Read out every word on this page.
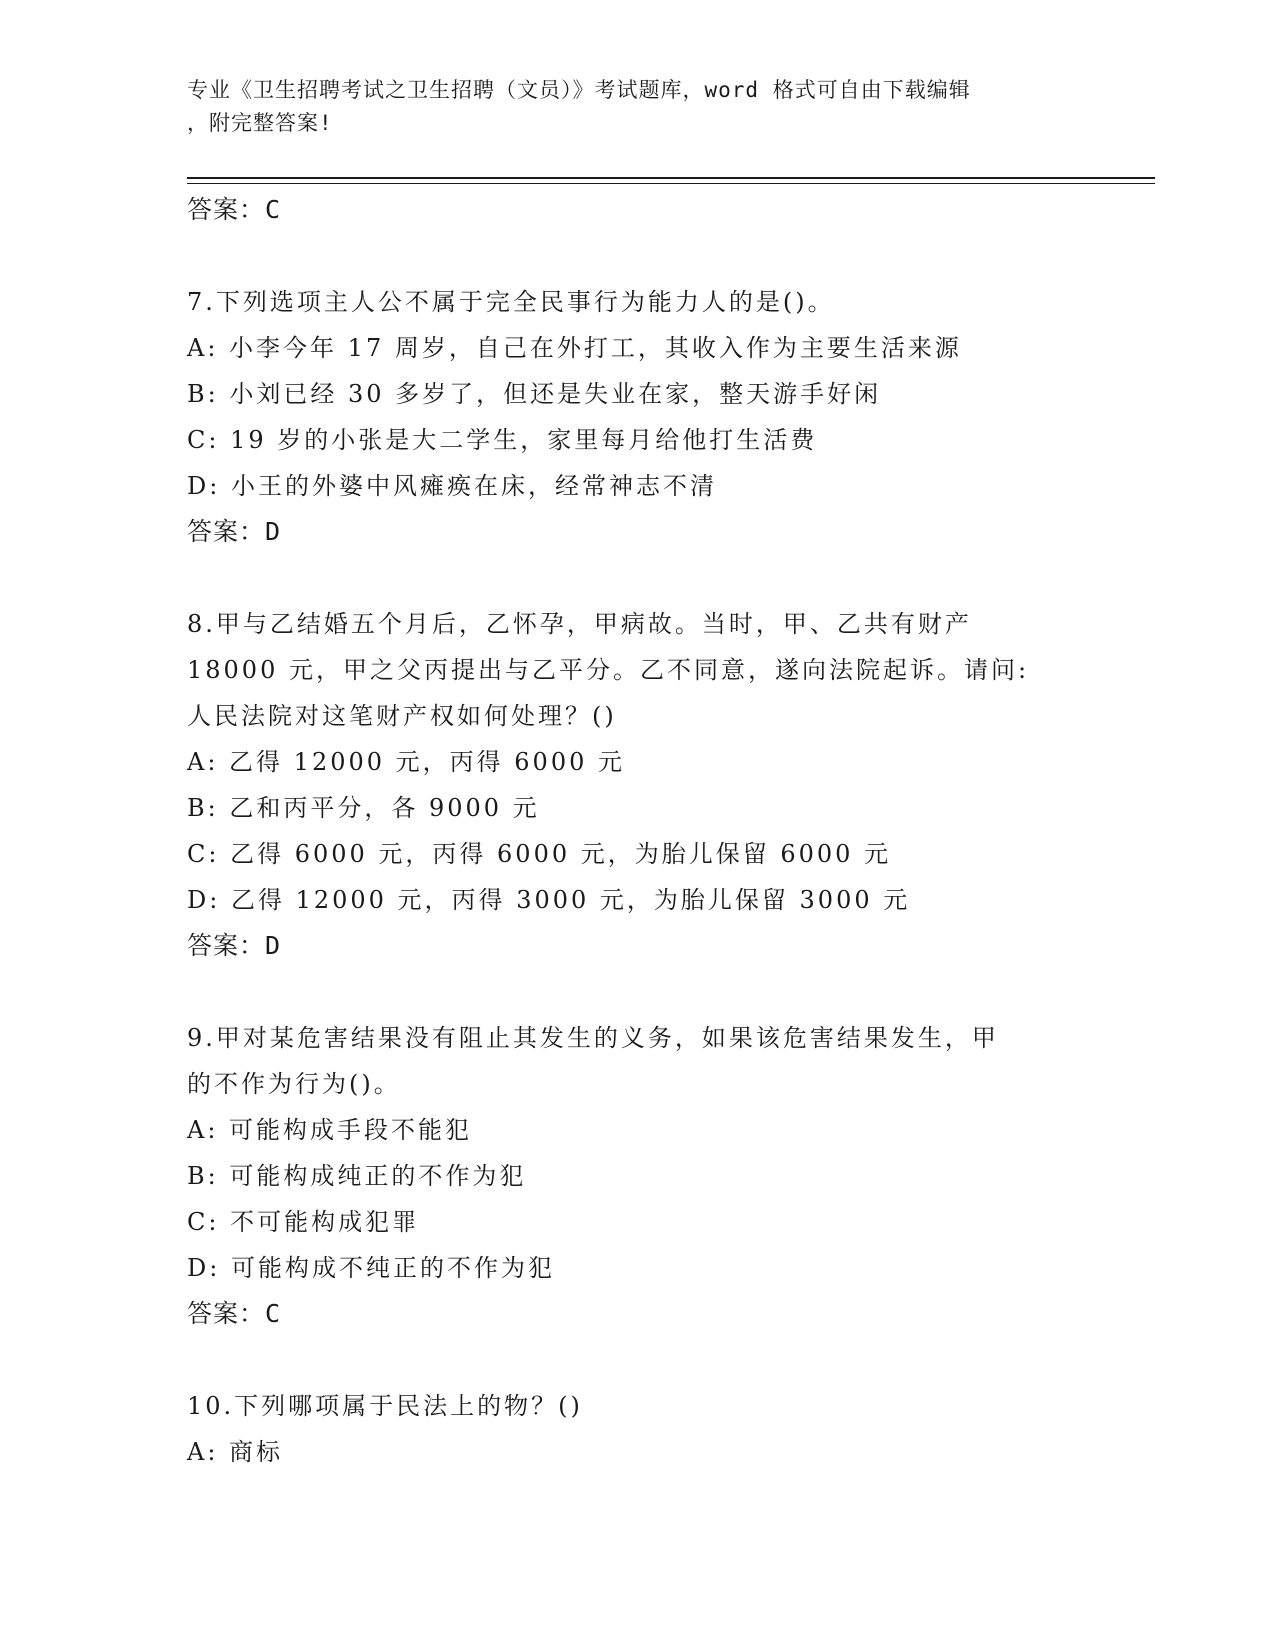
专业《卫生招聘考试之卫生招聘（文员）》考试题库，word 格式可自由下载编辑
，附完整答案!
答案：C
7.下列选项主人公不属于完全民事行为能力人的是()。
A: 小李今年 17 周岁，自己在外打工，其收入作为主要生活来源
B: 小刘已经 30 多岁了，但还是失业在家，整天游手好闲
C: 19 岁的小张是大二学生，家里每月给他打生活费
D: 小王的外婆中风瘫痪在床，经常神志不清
答案：D
8.甲与乙结婚五个月后，乙怀孕，甲病故。当时，甲、乙共有财产
18000 元，甲之父丙提出与乙平分。乙不同意，遂向法院起诉。请问:
人民法院对这笔财产权如何处理？()
A: 乙得 12000 元，丙得 6000 元
B: 乙和丙平分，各 9000 元
C: 乙得 6000 元，丙得 6000 元，为胎儿保留 6000 元
D: 乙得 12000 元，丙得 3000 元，为胎儿保留 3000 元
答案：D
9.甲对某危害结果没有阻止其发生的义务，如果该危害结果发生，甲
的不作为行为()。
A: 可能构成手段不能犯
B: 可能构成纯正的不作为犯
C: 不可能构成犯罪
D: 可能构成不纯正的不作为犯
答案：C
10.下列哪项属于民法上的物？()
A: 商标
